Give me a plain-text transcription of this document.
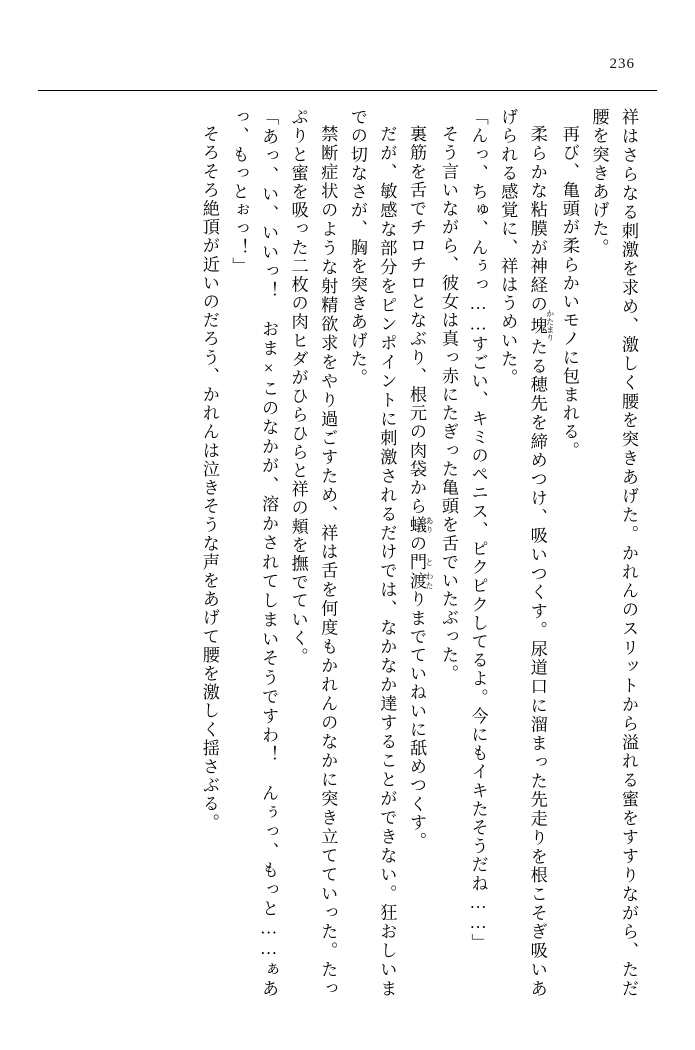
236

祥はさらなる刺激を求め、激しく腰を突きあげた。かれんのスリットから溢れる蜜をすすりながら、ただ腰を突きあげた。

再び、亀頭が柔らかいモノに包まれる。

柔らかな粘膜が神経の塊 かたまりたる穂先を締めつけ、吸いつくす。尿道口に溜まった先走りを根こそぎ吸いあげられる感覚に、祥はうめいた。

「んっ、ちゅ、んぅっ……すごい、キミのペニス、ピクピクしてるよ。今にもイキたそうだね……」

そう言いながら、彼女は真っ赤にたぎった亀頭を舌でいたぶった。

裏筋を舌でチロチロとなぶり、根元の肉袋から蟻 ありの門 と渡 わたりまでていねいに舐めつくす。

だが、敏感な部分をピンポイントに刺激されるだけでは、なかなか達することができない。狂おしいまでの切なさが、胸を突きあげた。

禁断症状のような射精欲求をやり過ごすため、祥は舌を何度もかれんのなかに突き立てていった。たっぷりと蜜を吸った二枚の肉ヒダがひらひらと祥の頬を撫でていく。

「あっ、い、いいっ！　おま×このなかが、溶かされてしまいそうですわ！　んぅっ、もっと……ぁあっ、もっとぉっ！」

そろそろ絶頂が近いのだろう、かれんは泣きそうな声をあげて腰を激しく揺さぶる。
